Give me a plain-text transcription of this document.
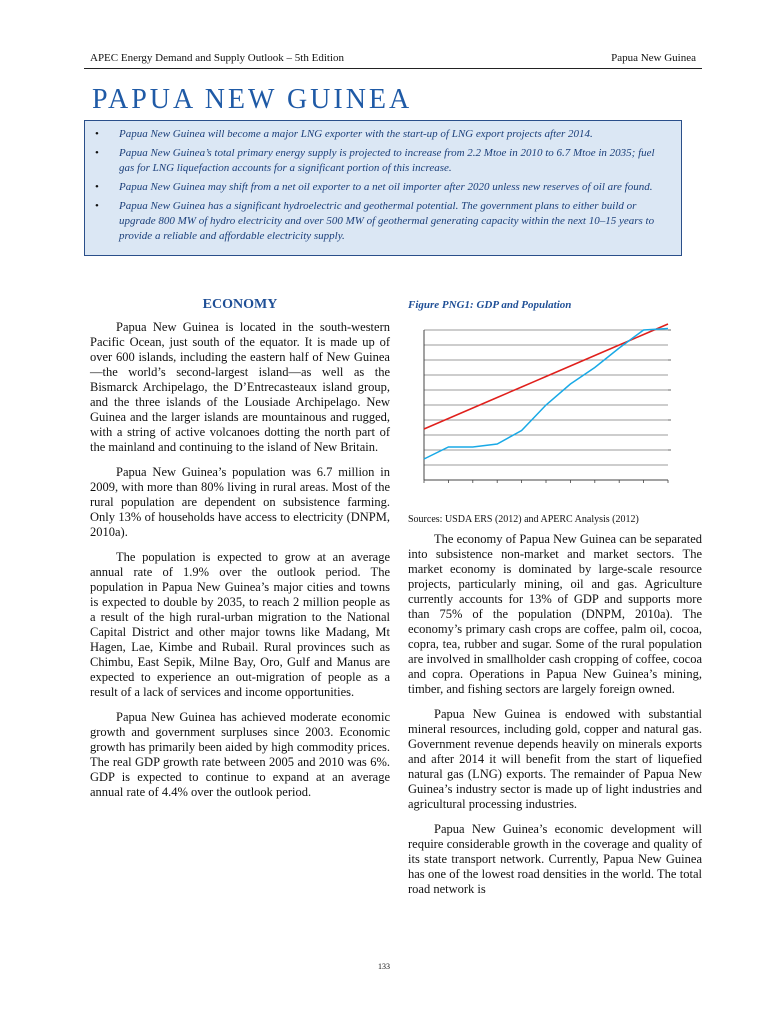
APEC Energy Demand and Supply Outlook – 5th Edition	Papua New Guinea
PAPUA NEW GUINEA
• Papua New Guinea will become a major LNG exporter with the start-up of LNG export projects after 2014.
• Papua New Guinea’s total primary energy supply is projected to increase from 2.2 Mtoe in 2010 to 6.7 Mtoe in 2035; fuel gas for LNG liquefaction accounts for a significant portion of this increase.
• Papua New Guinea may shift from a net oil exporter to a net oil importer after 2020 unless new reserves of oil are found.
• Papua New Guinea has a significant hydroelectric and geothermal potential. The government plans to either build or upgrade 800 MW of hydro electricity and over 500 MW of geothermal generating capacity within the next 10–15 years to provide a reliable and affordable electricity supply.
ECONOMY

Papua New Guinea is located in the south-western Pacific Ocean, just south of the equator. It is made up of over 600 islands, including the eastern half of New Guinea—the world’s second-largest island—as well as the Bismarck Archipelago, the D’Entrecasteaux island group, and the three islands of the Lousiade Archipelago. New Guinea and the larger islands are mountainous and rugged, with a string of active volcanoes dotting the north part of the mainland and continuing to the island of New Britain.

Papua New Guinea’s population was 6.7 million in 2009, with more than 80% living in rural areas. Most of the rural population are dependent on subsistence farming. Only 13% of households have access to electricity (DNPM, 2010a).

The population is expected to grow at an average annual rate of 1.9% over the outlook period. The population in Papua New Guinea’s major cities and towns is expected to double by 2035, to reach 2 million people as a result of the high rural-urban migration to the National Capital District and other major towns like Madang, Mt Hagen, Lae, Kimbe and Rubail. Rural provinces such as Chimbu, East Sepik, Milne Bay, Oro, Gulf and Manus are expected to experience an out-migration of people as a result of a lack of services and income opportunities.

Papua New Guinea has achieved moderate economic growth and government surpluses since 2003. Economic growth has primarily been aided by high commodity prices. The real GDP growth rate between 2005 and 2010 was 6%. GDP is expected to continue to expand at an average annual rate of 4.4% over the outlook period.

Figure PNG1: GDP and Population
Sources: USDA ERS (2012) and APERC Analysis (2012)

The economy of Papua New Guinea can be separated into subsistence non-market and market sectors. The market economy is dominated by large-scale resource projects, particularly mining, oil and gas. Agriculture currently accounts for 13% of GDP and supports more than 75% of the population (DNPM, 2010a). The economy’s primary cash crops are coffee, palm oil, cocoa, copra, tea, rubber and sugar. Some of the rural population are involved in smallholder cash cropping of coffee, cocoa and copra. Operations in Papua New Guinea’s mining, timber, and fishing sectors are largely foreign owned.

Papua New Guinea is endowed with substantial mineral resources, including gold, copper and natural gas. Government revenue depends heavily on minerals exports and after 2014 it will benefit from the start of liquefied natural gas (LNG) exports. The remainder of Papua New Guinea’s industry sector is made up of light industries and agricultural processing industries.

Papua New Guinea’s economic development will require considerable growth in the coverage and quality of its state transport network. Currently, Papua New Guinea has one of the lowest road densities in the world. The total road network is

133
